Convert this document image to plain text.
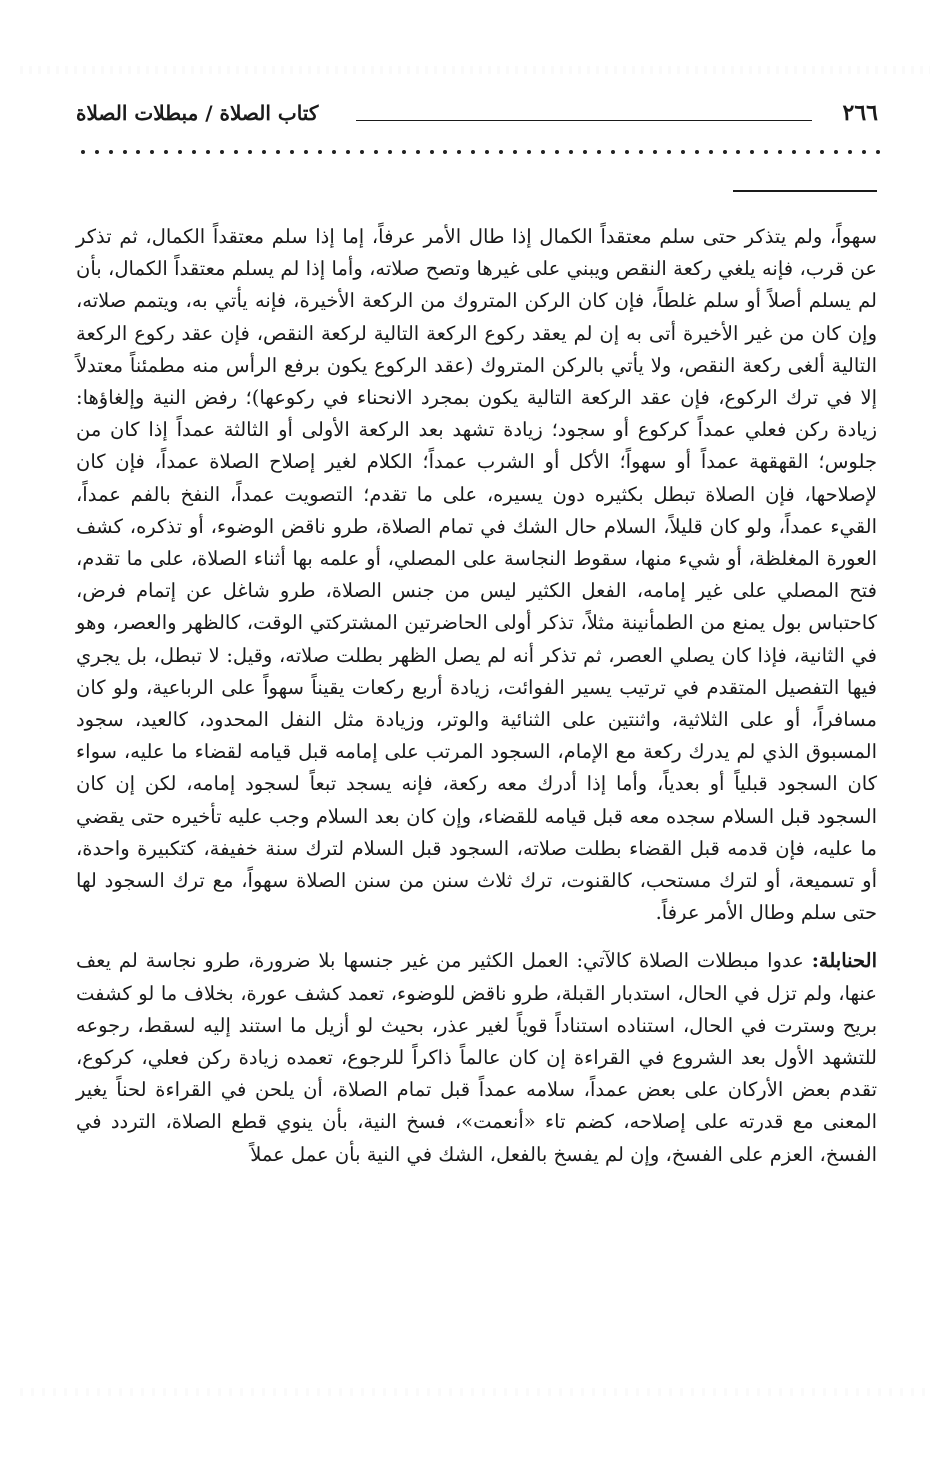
٢٦٦
كتاب الصلاة / مبطلات الصلاة

سهواً، ولم يتذكر حتى سلم معتقداً الكمال إذا طال الأمر عرفاً، إما إذا سلم معتقداً الكمال، ثم تذكر عن قرب، فإنه يلغي ركعة النقص ويبني على غيرها وتصح صلاته، وأما إذا لم يسلم معتقداً الكمال، بأن لم يسلم أصلاً أو سلم غلطاً، فإن كان الركن المتروك من الركعة الأخيرة، فإنه يأتي به، ويتمم صلاته، وإن كان من غير الأخيرة أتى به إن لم يعقد ركوع الركعة التالية لركعة النقص، فإن عقد ركوع الركعة التالية ألغى ركعة النقص، ولا يأتي بالركن المتروك (عقد الركوع يكون برفع الرأس منه مطمئناً معتدلاً إلا في ترك الركوع، فإن عقد الركعة التالية يكون بمجرد الانحناء في ركوعها)؛ رفض النية وإلغاؤها: زيادة ركن فعلي عمداً كركوع أو سجود؛ زيادة تشهد بعد الركعة الأولى أو الثالثة عمداً إذا كان من جلوس؛ القهقهة عمداً أو سهواً؛ الأكل أو الشرب عمداً؛ الكلام لغير إصلاح الصلاة عمداً، فإن كان لإصلاحها، فإن الصلاة تبطل بكثيره دون يسيره، على ما تقدم؛ التصويت عمداً، النفخ بالفم عمداً، القيء عمداً، ولو كان قليلاً، السلام حال الشك في تمام الصلاة، طرو ناقض الوضوء، أو تذكره، كشف العورة المغلظة، أو شيء منها، سقوط النجاسة على المصلي، أو علمه بها أثناء الصلاة، على ما تقدم، فتح المصلي على غير إمامه، الفعل الكثير ليس من جنس الصلاة، طرو شاغل عن إتمام فرض، كاحتباس بول يمنع من الطمأنينة مثلاً، تذكر أولى الحاضرتين المشتركتي الوقت، كالظهر والعصر، وهو في الثانية، فإذا كان يصلي العصر، ثم تذكر أنه لم يصل الظهر بطلت صلاته، وقيل: لا تبطل، بل يجري فيها التفصيل المتقدم في ترتيب يسير الفوائت، زيادة أربع ركعات يقيناً سهواً على الرباعية، ولو كان مسافراً، أو على الثلاثية، واثنتين على الثنائية والوتر، وزيادة مثل النفل المحدود، كالعيد، سجود المسبوق الذي لم يدرك ركعة مع الإمام، السجود المرتب على إمامه قبل قيامه لقضاء ما عليه، سواء كان السجود قبلياً أو بعدياً، وأما إذا أدرك معه ركعة، فإنه يسجد تبعاً لسجود إمامه، لكن إن كان السجود قبل السلام سجده معه قبل قيامه للقضاء، وإن كان بعد السلام وجب عليه تأخيره حتى يقضي ما عليه، فإن قدمه قبل القضاء بطلت صلاته، السجود قبل السلام لترك سنة خفيفة، كتكبيرة واحدة، أو تسميعة، أو لترك مستحب، كالقنوت، ترك ثلاث سنن من سنن الصلاة سهواً، مع ترك السجود لها حتى سلم وطال الأمر عرفاً.

الحنابلة: عدوا مبطلات الصلاة كالآتي: العمل الكثير من غير جنسها بلا ضرورة، طرو نجاسة لم يعف عنها، ولم تزل في الحال، استدبار القبلة، طرو ناقض للوضوء، تعمد كشف عورة، بخلاف ما لو كشفت بريح وسترت في الحال، استناده استناداً قوياً لغير عذر، بحيث لو أزيل ما استند إليه لسقط، رجوعه للتشهد الأول بعد الشروع في القراءة إن كان عالماً ذاكراً للرجوع، تعمده زيادة ركن فعلي، كركوع، تقدم بعض الأركان على بعض عمداً، سلامه عمداً قبل تمام الصلاة، أن يلحن في القراءة لحناً يغير المعنى مع قدرته على إصلاحه، كضم تاء «أنعمت»، فسخ النية، بأن ينوي قطع الصلاة، التردد في الفسخ، العزم على الفسخ، وإن لم يفسخ بالفعل، الشك في النية بأن عمل عملاً
